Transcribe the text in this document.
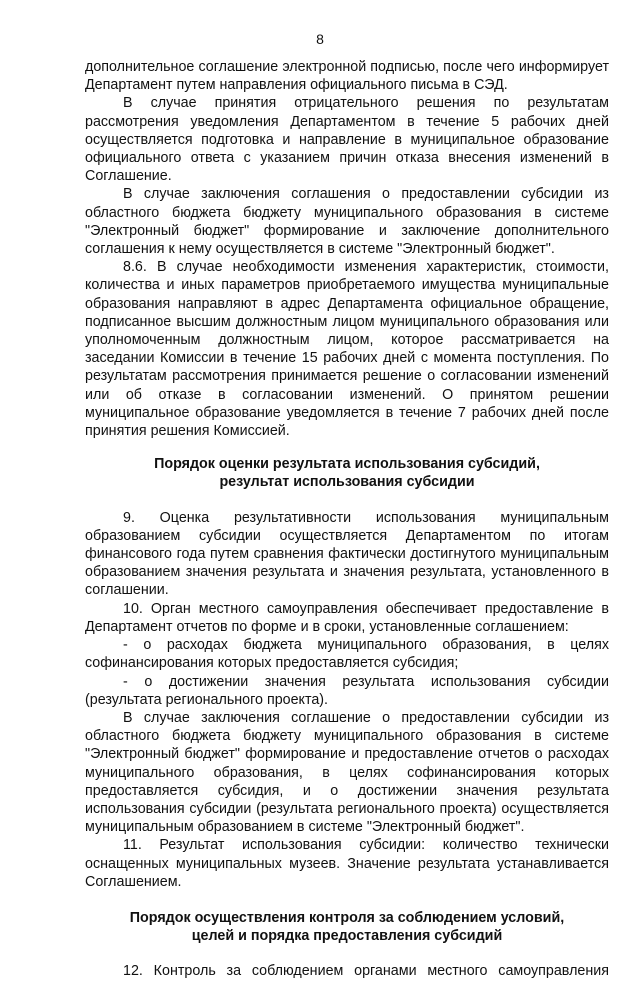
8

дополнительное соглашение электронной подписью, после чего информирует Департамент путем направления официального письма в СЭД.

В случае принятия отрицательного решения по результатам рассмотрения уведомления Департаментом в течение 5 рабочих дней осуществляется подготовка и направление в муниципальное образование официального ответа с указанием причин отказа внесения изменений в Соглашение.

В случае заключения соглашения о предоставлении субсидии из областного бюджета бюджету муниципального образования в системе "Электронный бюджет" формирование и заключение дополнительного соглашения к нему осуществляется в системе "Электронный бюджет".

8.6. В случае необходимости изменения характеристик, стоимости, количества и иных параметров приобретаемого имущества муниципальные образования направляют в адрес Департамента официальное обращение, подписанное высшим должностным лицом муниципального образования или уполномоченным должностным лицом, которое рассматривается на заседании Комиссии в течение 15 рабочих дней с момента поступления. По результатам рассмотрения принимается решение о согласовании изменений или об отказе в согласовании изменений. О принятом решении муниципальное образование уведомляется в течение 7 рабочих дней после принятия решения Комиссией.

Порядок оценки результата использования субсидий,
результат использования субсидии

9. Оценка результативности использования муниципальным образованием субсидии осуществляется Департаментом по итогам финансового года путем сравнения фактически достигнутого муниципальным образованием значения результата и значения результата, установленного в соглашении.

10. Орган местного самоуправления обеспечивает предоставление в Департамент отчетов по форме и в сроки, установленные соглашением:

- о расходах бюджета муниципального образования, в целях софинансирования которых предоставляется субсидия;

- о достижении значения результата использования субсидии (результата регионального проекта).

В случае заключения соглашение о предоставлении субсидии из областного бюджета бюджету муниципального образования в системе "Электронный бюджет" формирование и предоставление отчетов о расходах муниципального образования, в целях софинансирования которых предоставляется субсидия, и о достижении значения результата использования субсидии (результата регионального проекта) осуществляется муниципальным образованием в системе "Электронный бюджет".

11. Результат использования субсидии: количество технически оснащенных муниципальных музеев. Значение результата устанавливается Соглашением.

Порядок осуществления контроля за соблюдением условий,
целей и порядка предоставления субсидий

12. Контроль за соблюдением органами местного самоуправления
